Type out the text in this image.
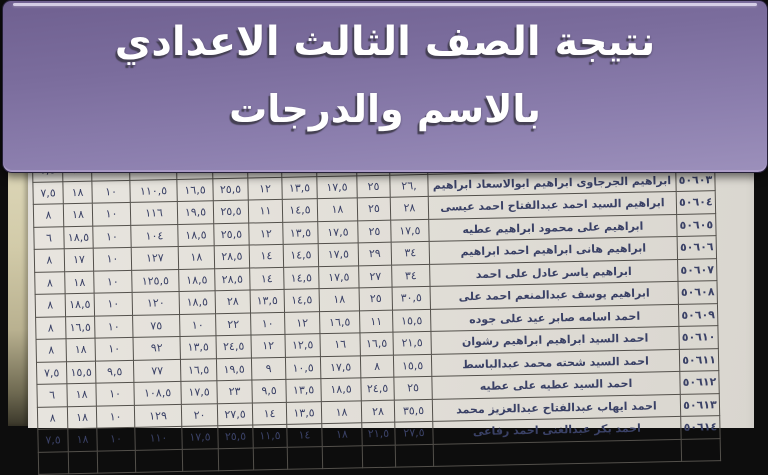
٧,٥	١٨	١٠	١١٠,٥	١٦,٥	٢٥,٥	١٢	١٣,٥	١٧,٥	٢٥	٢٦,	ابراهيم الجرجاوى ابراهيم ابوالاسعاد ابراهيم	٥٠٦٠٣
٨	١٨	١٠	١١٦	١٩,٥	٢٥,٥	١١	١٤,٥	١٨	٢٥	٢٨	ابراهيم السيد احمد عبدالفتاح احمد عيسى	٥٠٦٠٤
٦	١٨,٥	١٠	١٠٤	١٨,٥	٢٥,٥	١٢	١٣,٥	١٧,٥	٢٥	١٧,٥	ابراهيم على محمود ابراهيم عطيه	٥٠٦٠٥
٨	١٧	١٠	١٢٧	١٨	٢٨,٥	١٤	١٤,٥	١٧,٥	٢٩	٣٤	ابراهيم هانى ابراهيم احمد ابراهيم	٥٠٦٠٦
٨	١٨	١٠	١٢٥,٥	١٨,٥	٢٨,٥	١٤	١٤,٥	١٧,٥	٢٧	٣٤	ابراهيم ياسر عادل على احمد	٥٠٦٠٧
٨	١٨,٥	١٠	١٢٠	١٨,٥	٢٨	١٣,٥	١٤,٥	١٨	٢٥	٣٠,٥	ابراهيم يوسف عبدالمنعم احمد على	٥٠٦٠٨
٨	١٦,٥	١٠	٧٥	١٠	٢٢	١٠	١٢	١٦,٥	١١	١٥,٥	احمد اسامه صابر عيد على جوده	٥٠٦٠٩
٨	١٨	١٠	٩٢	١٣,٥	٢٤,٥	١٢	١٢,٥	١٦	١٦,٥	٢١,٥	احمد السيد ابراهيم ابراهيم رشوان	٥٠٦١٠
٧,٥	١٥,٥	٩,٥	٧٧	١٦,٥	١٩,٥	٩	١٠,٥	١٧,٥	٨	١٥,٥	احمد السيد شحته محمد عبدالباسط	٥٠٦١١
٦	١٨	١٠	١٠٨,٥	١٧,٥	٢٣	٩,٥	١٣,٥	١٨,٥	٢٤,٥	٢٥	احمد السيد عطيه على عطيه	٥٠٦١٢
٨	١٨	١٠	١٢٩	٢٠	٢٧,٥	١٤	١٣,٥	١٨	٢٨	٣٥,٥	احمد ايهاب عبدالفتاح عبدالعزيز محمد	٥٠٦١٣
٧,٥	١٨	١٠	١١٠	١٧,٥	٢٥,٥	١١,٥	١٤	١٨	٢١,٥	٢٧,٥	احمد بكر عبدالغنى احمد رفاعى	٥٠٦١٤

نتيجة الصف الثالث الاعدادي
بالاسم والدرجات
